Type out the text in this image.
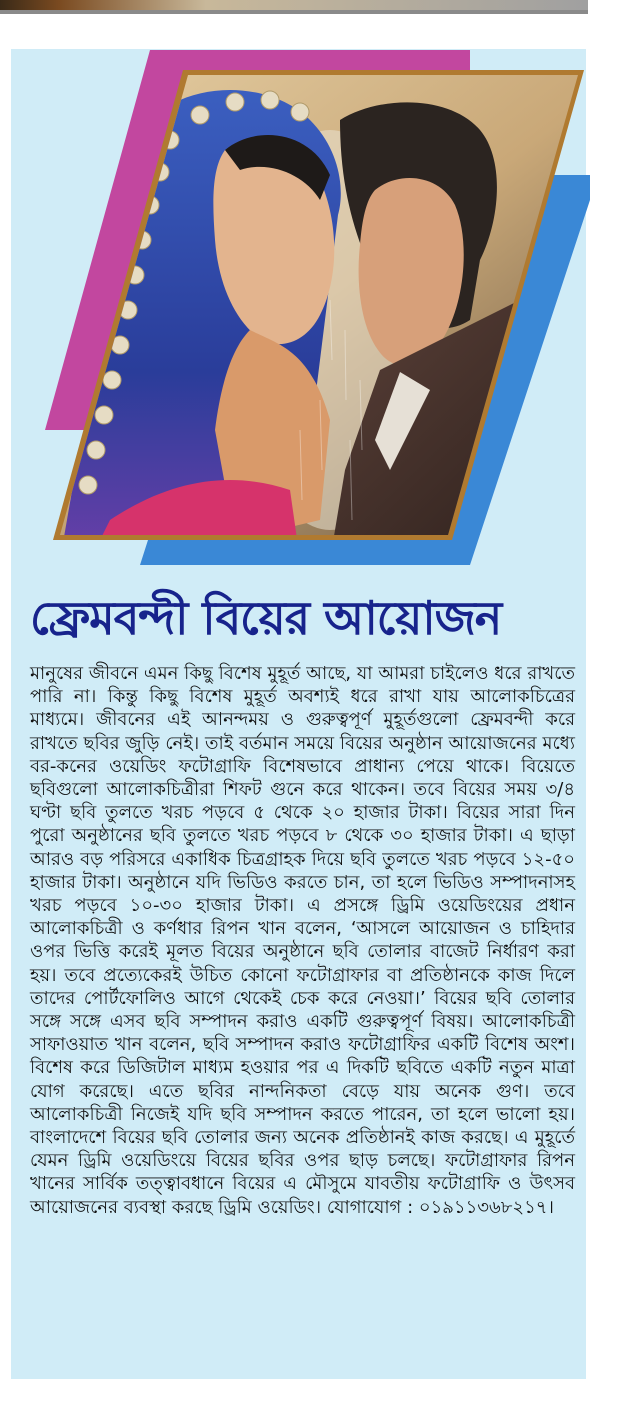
ফ্রেমবন্দী বিয়ের আয়োজন

মানুষের জীবনে এমন কিছু বিশেষ মুহূর্ত আছে, যা আমরা চাইলেও ধরে রাখতে পারি না। কিন্তু কিছু বিশেষ মুহূর্ত অবশ্যই ধরে রাখা যায় আলোকচিত্রের মাধ্যমে। জীবনের এই আনন্দময় ও গুরুত্বপূর্ণ মুহূর্তগুলো ফ্রেমবন্দী করে রাখতে ছবির জুড়ি নেই। তাই বর্তমান সময়ে বিয়ের অনুষ্ঠান আয়োজনের মধ্যে বর-কনের ওয়েডিং ফটোগ্রাফি বিশেষভাবে প্রাধান্য পেয়ে থাকে। বিয়েতে ছবিগুলো আলোকচিত্রীরা শিফট গুনে করে থাকেন। তবে বিয়ের সময় ৩/৪ ঘণ্টা ছবি তুলতে খরচ পড়বে ৫ থেকে ২০ হাজার টাকা। বিয়ের সারা দিন পুরো অনুষ্ঠানের ছবি তুলতে খরচ পড়বে ৮ থেকে ৩০ হাজার টাকা। এ ছাড়া আরও বড় পরিসরে একাধিক চিত্রগ্রাহক দিয়ে ছবি তুলতে খরচ পড়বে ১২-৫০ হাজার টাকা। অনুষ্ঠানে যদি ভিডিও করতে চান, তা হলে ভিডিও সম্পাদনাসহ খরচ পড়বে ১০-৩০ হাজার টাকা। এ প্রসঙ্গে ড্রিমি ওয়েডিংয়ের প্রধান আলোকচিত্রী ও কর্ণধার রিপন খান বলেন, ‘আসলে আয়োজন ও চাহিদার ওপর ভিত্তি করেই মূলত বিয়ের অনুষ্ঠানে ছবি তোলার বাজেট নির্ধারণ করা হয়। তবে প্রত্যেকেরই উচিত কোনো ফটোগ্রাফার বা প্রতিষ্ঠানকে কাজ দিলে তাদের পোর্টফোলিও আগে থেকেই চেক করে নেওয়া।’ বিয়ের ছবি তোলার সঙ্গে সঙ্গে এসব ছবি সম্পাদন করাও একটি গুরুত্বপূর্ণ বিষয়। আলোকচিত্রী সাফাওয়াত খান বলেন, ছবি সম্পাদন করাও ফটোগ্রাফির একটি বিশেষ অংশ। বিশেষ করে ডিজিটাল মাধ্যম হওয়ার পর এ দিকটি ছবিতে একটি নতুন মাত্রা যোগ করেছে। এতে ছবির নান্দনিকতা বেড়ে যায় অনেক গুণ। তবে আলোকচিত্রী নিজেই যদি ছবি সম্পাদন করতে পারেন, তা হলে ভালো হয়। বাংলাদেশে বিয়ের ছবি তোলার জন্য অনেক প্রতিষ্ঠানই কাজ করছে। এ মুহূর্তে যেমন ড্রিমি ওয়েডিংয়ে বিয়ের ছবির ওপর ছাড় চলছে। ফটোগ্রাফার রিপন খানের সার্বিক তত্ত্বাবধানে বিয়ের এ মৌসুমে যাবতীয় ফটোগ্রাফি ও উৎসব আয়োজনের ব্যবস্থা করছে ড্রিমি ওয়েডিং। যোগাযোগ : ০১৯১১৩৬৮২১৭।
